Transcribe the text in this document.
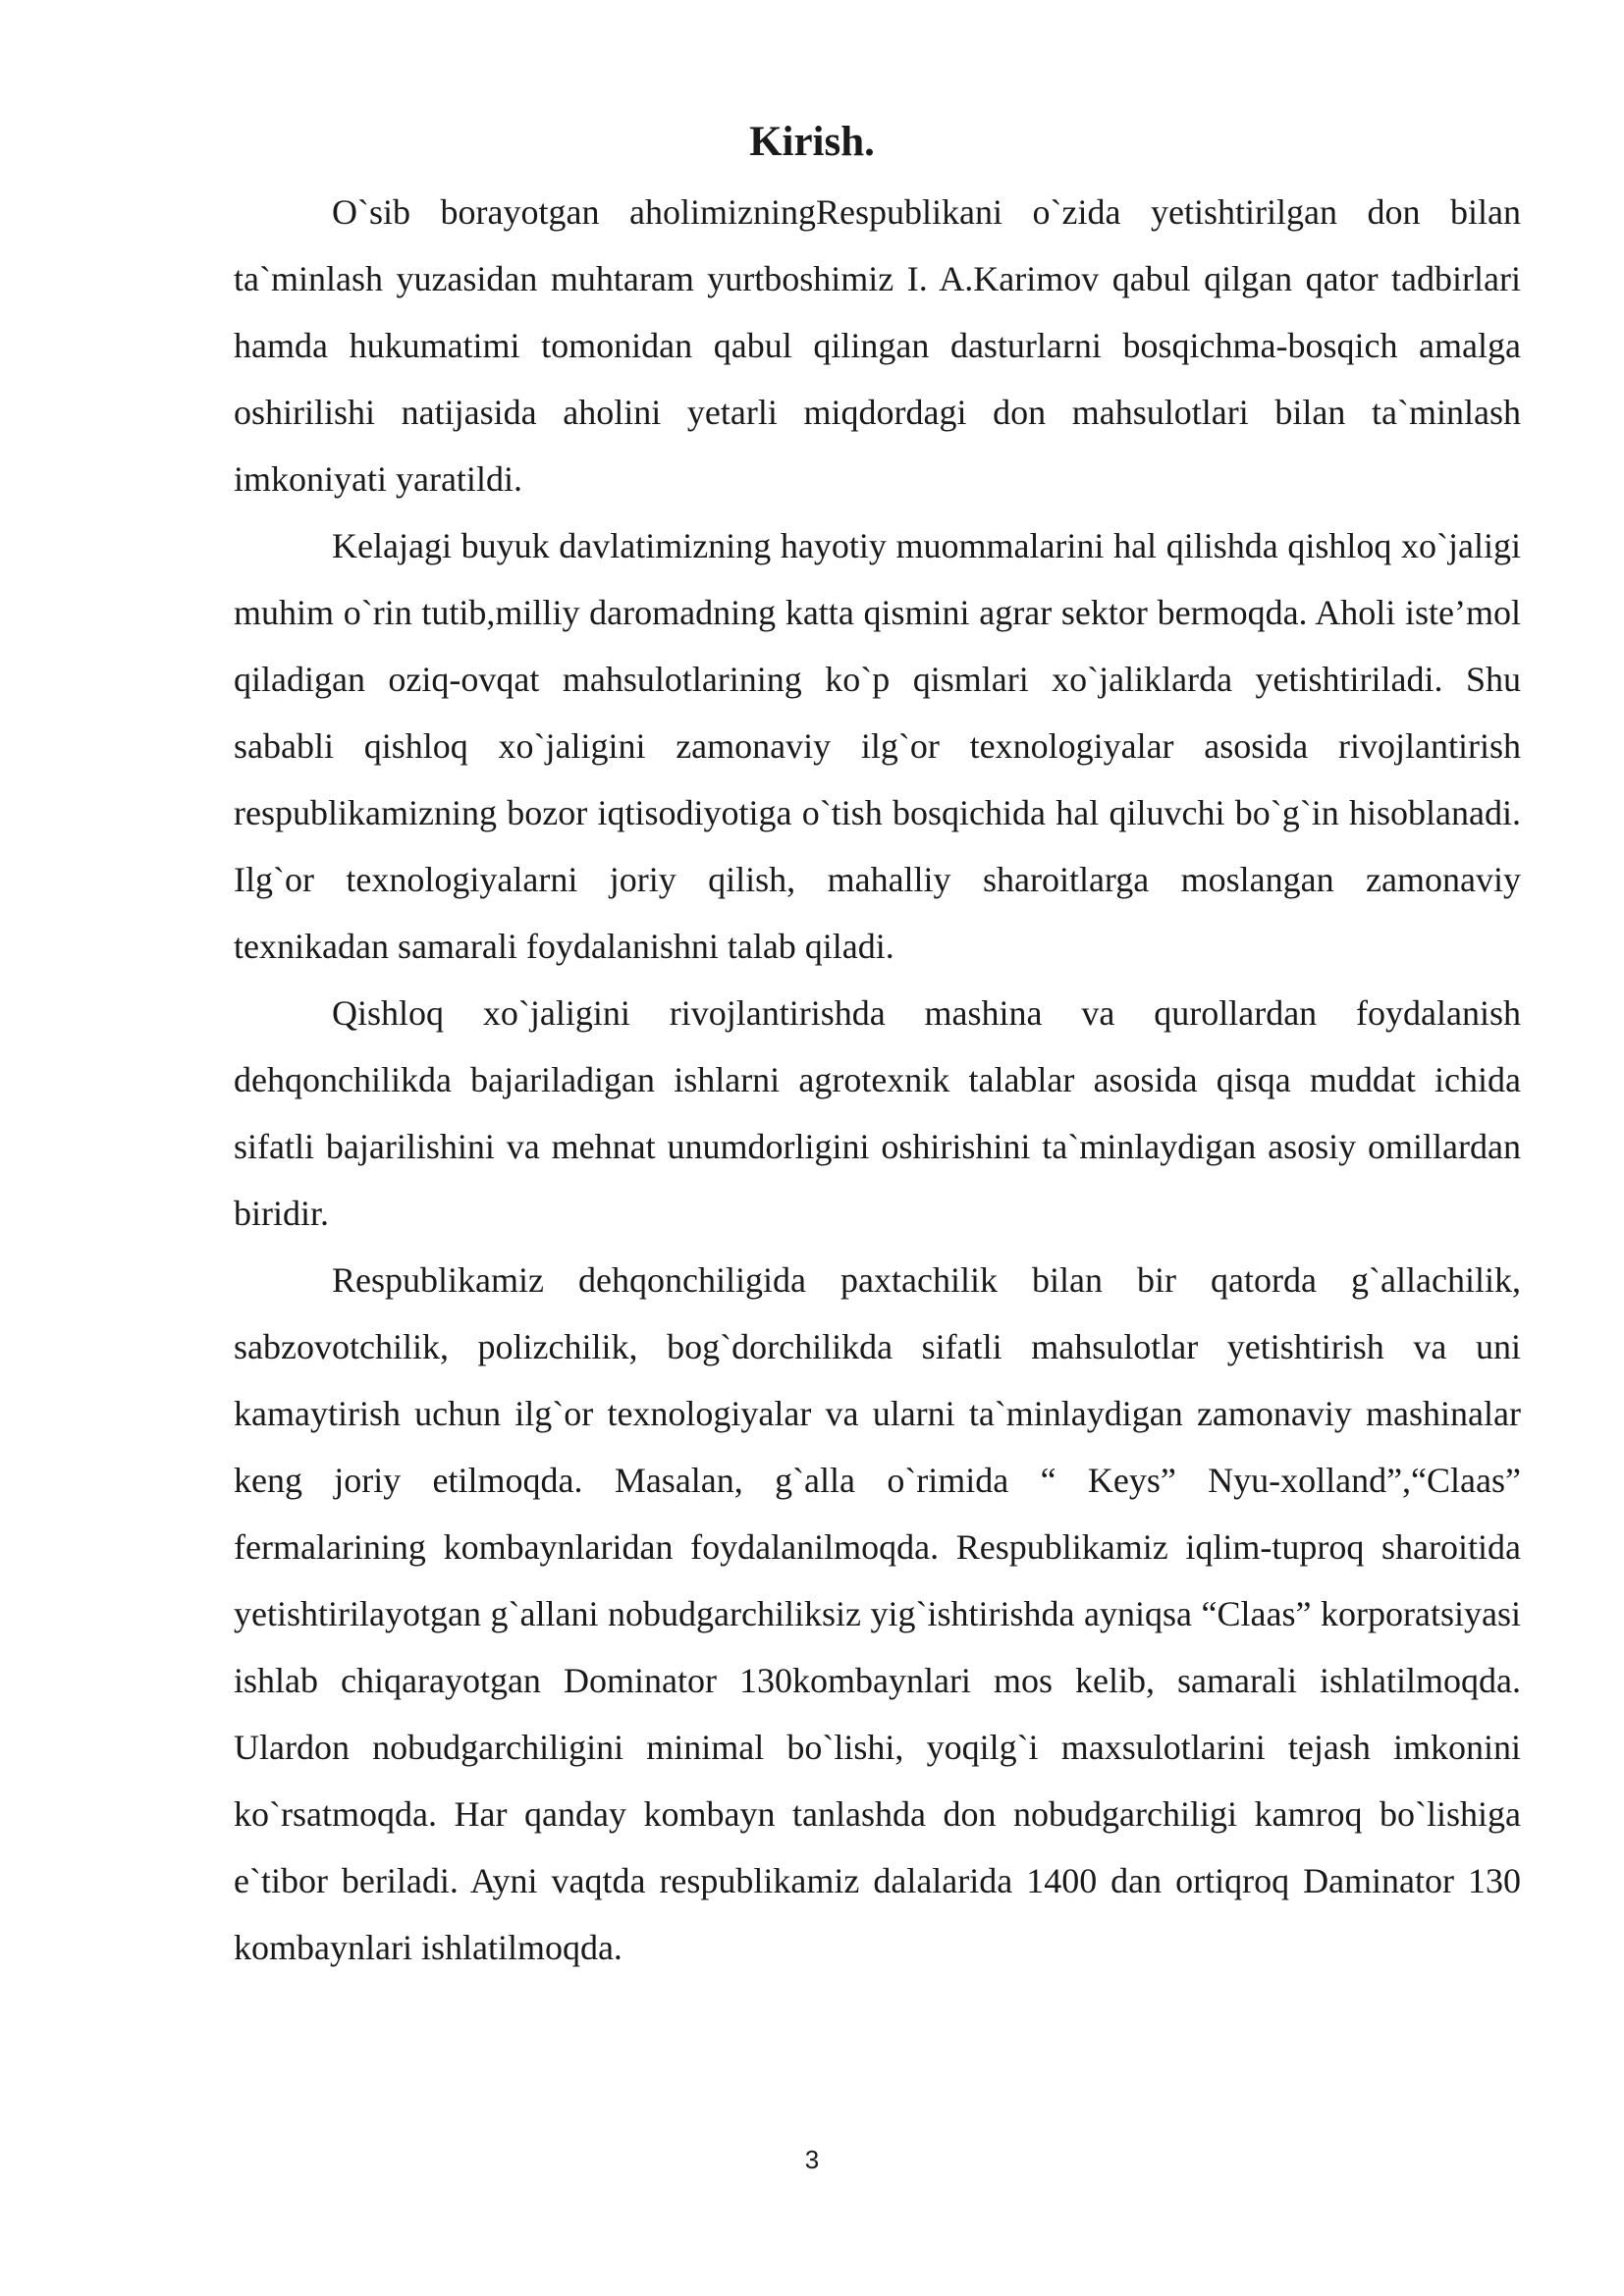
Kirish.

O`sib borayotgan aholimizningRespublikani o`zida yetishtirilgan don bilan ta`minlash yuzasidan muhtaram yurtboshimiz I. A.Karimov qabul qilgan qator tadbirlari hamda hukumatimi tomonidan qabul qilingan dasturlarni bosqichma-bosqich amalga oshirilishi natijasida aholini yetarli miqdordagi don mahsulotlari bilan ta`minlash imkoniyati yaratildi.

Kelajagi buyuk davlatimizning hayotiy muommalarini hal qilishda qishloq xo`jaligi muhim o`rin tutib,milliy daromadning katta qismini agrar sektor bermoqda. Aholi iste’mol qiladigan oziq-ovqat mahsulotlarining ko`p qismlari xo`jaliklarda yetishtiriladi. Shu sababli qishloq xo`jaligini zamonaviy ilg`or texnologiyalar asosida rivojlantirish respublikamizning bozor iqtisodiyotiga o`tish bosqichida hal qiluvchi bo`g`in hisoblanadi. Ilg`or texnologiyalarni joriy qilish, mahalliy sharoitlarga moslangan zamonaviy texnikadan samarali foydalanishni talab qiladi.

Qishloq xo`jaligini rivojlantirishda mashina va qurollardan foydalanish dehqonchilikda bajariladigan ishlarni agrotexnik talablar asosida qisqa muddat ichida sifatli bajarilishini va mehnat unumdorligini oshirishini ta`minlaydigan asosiy omillardan biridir.

Respublikamiz dehqonchiligida paxtachilik bilan bir qatorda g`allachilik, sabzovotchilik, polizchilik, bog`dorchilikda sifatli mahsulotlar yetishtirish va uni kamaytirish uchun ilg`or texnologiyalar va ularni ta`minlaydigan zamonaviy mashinalar keng joriy etilmoqda. Masalan, g`alla o`rimida “ Keys” Nyu-xolland”,“Claas” fermalarining kombaynlaridan foydalanilmoqda. Respublikamiz iqlim-tuproq sharoitida yetishtirilayotgan g`allani nobudgarchiliksiz yig`ishtirishda ayniqsa “Claas” korporatsiyasi ishlab chiqarayotgan Dominator 130kombaynlari mos kelib, samarali ishlatilmoqda. Ulardon nobudgarchiligini minimal bo`lishi, yoqilg`i maxsulotlarini tejash imkonini ko`rsatmoqda. Har qanday kombayn tanlashda don nobudgarchiligi kamroq bo`lishiga e`tibor beriladi. Ayni vaqtda respublikamiz dalalarida 1400 dan ortiqroq Daminator 130 kombaynlari ishlatilmoqda.

3
